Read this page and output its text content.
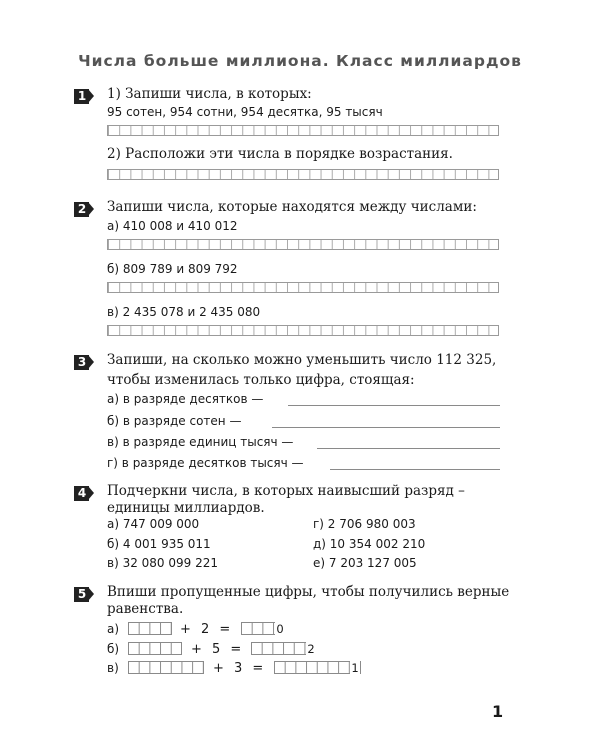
Числа больше миллиона. Класс миллиардов
1 1) Запиши числа, в которых:
95 сотен, 954 сотни, 954 десятка, 95 тысяч
2) Расположи эти числа в порядке возрастания.
2 Запиши числа, которые находятся между числами:
а) 410 008 и 410 012
б) 809 789 и 809 792
в) 2 435 078 и 2 435 080
3 Запиши, на сколько можно уменьшить число 112 325,
чтобы изменилась только цифра, стоящая:
а) в разряде десятков —
б) в разряде сотен —
в) в разряде единиц тысяч —
г) в разряде десятков тысяч —
4 Подчеркни числа, в которых наивысший разряд –
единицы миллиардов.
а) 747 009 000
б) 4 001 935 011
в) 32 080 099 221
г) 2 706 980 003
д) 10 354 002 210
е) 7 203 127 005
5 Впиши пропущенные цифры, чтобы получились верные
равенства.
а)	+ 2 =	0
б)	+ 5 =	2
в)	+ 3 =	1
1
